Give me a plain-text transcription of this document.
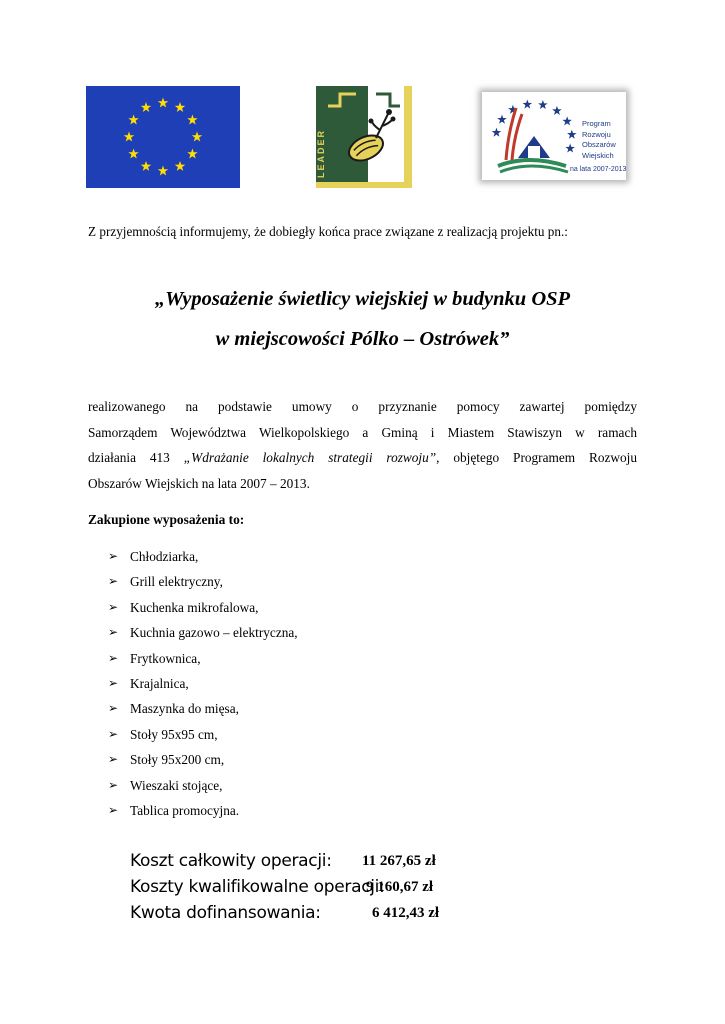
LEADER
Program
Rozwoju
Obszarów
Wiejskich
na lata 2007-2013
Z przyjemnością informujemy, że dobiegły końca prace związane z realizacją projektu pn.:
„Wyposażenie świetlicy wiejskiej w budynku OSP
w miejscowości Pólko – Ostrówek”
realizowanego na podstawie umowy o przyznanie pomocy zawartej pomiędzy
Samorządem Województwa Wielkopolskiego a Gminą i Miastem Stawiszyn w ramach
działania 413 „Wdrażanie lokalnych strategii rozwoju”, objętego Programem Rozwoju
Obszarów Wiejskich na lata 2007 – 2013.
Zakupione wyposażenia to:
➢ Chłodziarka,
➢ Grill elektryczny,
➢ Kuchenka mikrofalowa,
➢ Kuchnia gazowo – elektryczna,
➢ Frytkownica,
➢ Krajalnica,
➢ Maszynka do mięsa,
➢ Stoły 95x95 cm,
➢ Stoły 95x200 cm,
➢ Wieszaki stojące,
➢ Tablica promocyjna.
Koszt całkowity operacji: 11 267,65 zł
Koszty kwalifikowalne operacji:
9 160,67 zł
Kwota dofinansowania:	6 412,43 zł
